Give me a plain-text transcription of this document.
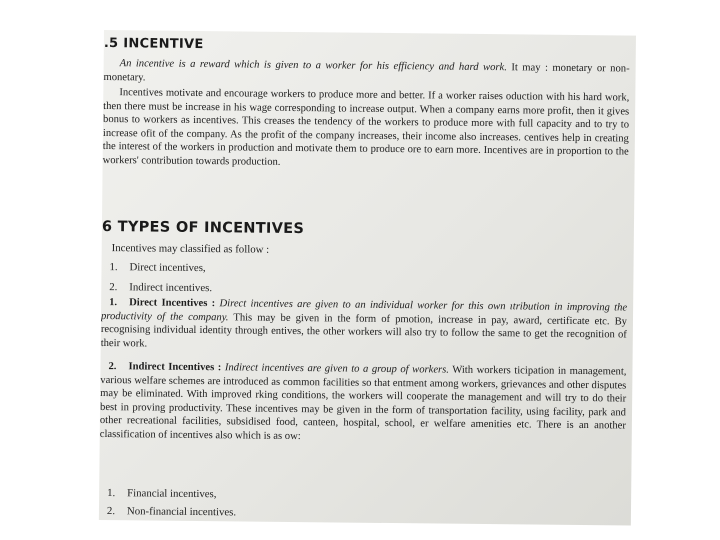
.5 INCENTIVE

An incentive is a reward which is given to a worker for his efficiency and hard work. It may : monetary or non-monetary.

Incentives motivate and encourage workers to produce more and better. If a worker raises oduction with his hard work, then there must be increase in his wage corresponding to increase output. When a company earns more profit, then it gives bonus to workers as incentives. This creases the tendency of the workers to produce more with full capacity and to try to increase ofit of the company. As the profit of the company increases, their income also increases. centives help in creating the interest of the workers in production and motivate them to produce ore to earn more. Incentives are in proportion to the workers' contribution towards production.

6 TYPES OF INCENTIVES
Incentives may classified as follow :
1. Direct incentives,
2. Indirect incentives.

1. Direct Incentives : Direct incentives are given to an individual worker for this own ıtribution in improving the productivity of the company. This may be given in the form of pmotion, increase in pay, award, certificate etc. By recognising individual identity through entives, the other workers will also try to follow the same to get the recognition of their work.

2. Indirect Incentives : Indirect incentives are given to a group of workers. With workers ticipation in management, various welfare schemes are introduced as common facilities so that entment among workers, grievances and other disputes may be eliminated. With improved rking conditions, the workers will cooperate the management and will try to do their best in proving productivity. These incentives may be given in the form of transportation facility, using facility, park and other recreational facilities, subsidised food, canteen, hospital, school, er welfare amenities etc. There is an another classification of incentives also which is as ow:

1. Financial incentives,
2. Non-financial incentives.
